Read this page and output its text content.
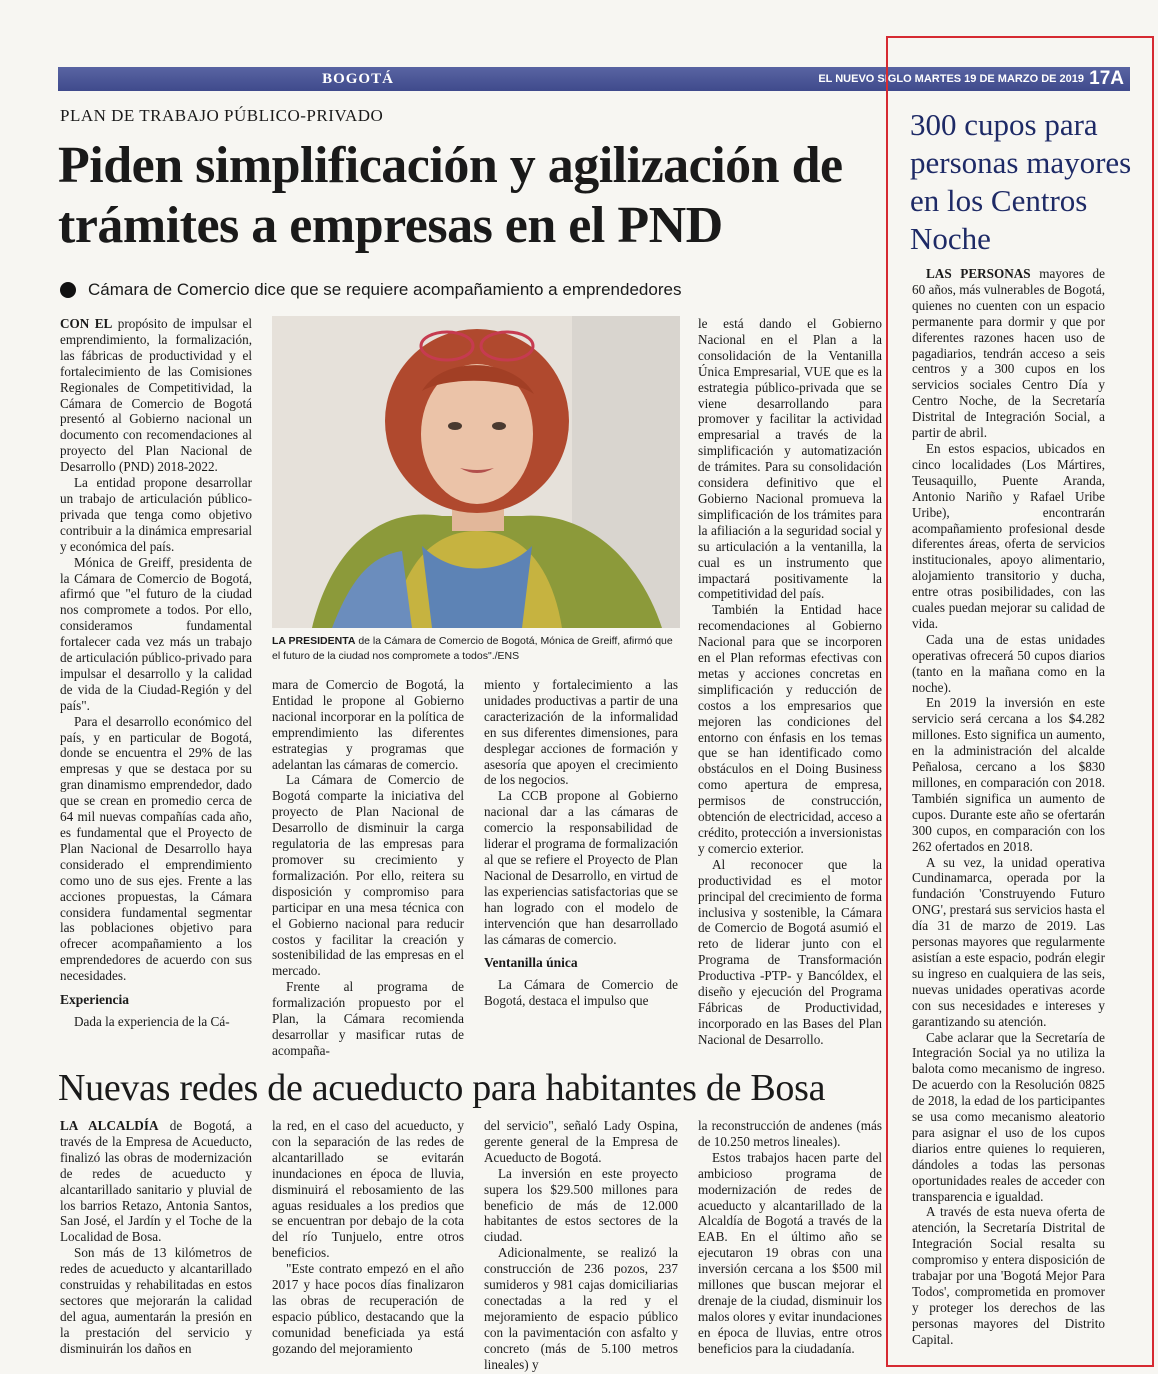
BOGOTÁ	EL NUEVO SIGLO MARTES 19 DE MARZO DE 2019 17A
PLAN DE TRABAJO PÚBLICO-PRIVADO
Piden simplificación y agilización de trámites a empresas en el PND
Cámara de Comercio dice que se requiere acompañamiento a emprendedores

CON EL propósito de impulsar el emprendimiento, la formalización, las fábricas de productividad y el fortalecimiento de las Comisiones Regionales de Competitividad, la Cámara de Comercio de Bogotá presentó al Gobierno nacional un documento con recomendaciones al proyecto del Plan Nacional de Desarrollo (PND) 2018-2022.

La entidad propone desarrollar un trabajo de articulación público-privada que tenga como objetivo contribuir a la dinámica empresarial y económica del país.

Mónica de Greiff, presidenta de la Cámara de Comercio de Bogotá, afirmó que "el futuro de la ciudad nos compromete a todos. Por ello, consideramos fundamental fortalecer cada vez más un trabajo de articulación público-privado para impulsar el desarrollo y la calidad de vida de la Ciudad-Región y del país".

Para el desarrollo económico del país, y en particular de Bogotá, donde se encuentra el 29% de las empresas y que se destaca por su gran dinamismo emprendedor, dado que se crean en promedio cerca de 64 mil nuevas compañías cada año, es fundamental que el Proyecto de Plan Nacional de Desarrollo haya considerado el emprendimiento como uno de sus ejes. Frente a las acciones propuestas, la Cámara considera fundamental segmentar las poblaciones objetivo para ofrecer acompañamiento a los emprendedores de acuerdo con sus necesidades.

Experiencia

Dada la experiencia de la Cá-

LA PRESIDENTA de la Cámara de Comercio de Bogotá, Mónica de Greiff, afirmó que el futuro de la ciudad nos compromete a todos"./ENS

mara de Comercio de Bogotá, la Entidad le propone al Gobierno nacional incorporar en la política de emprendimiento las diferentes estrategias y programas que adelantan las cámaras de comercio.

La Cámara de Comercio de Bogotá comparte la iniciativa del proyecto de Plan Nacional de Desarrollo de disminuir la carga regulatoria de las empresas para promover su crecimiento y formalización. Por ello, reitera su disposición y compromiso para participar en una mesa técnica con el Gobierno nacional para reducir costos y facilitar la creación y sostenibilidad de las empresas en el mercado.

Frente al programa de formalización propuesto por el Plan, la Cámara recomienda desarrollar y masificar rutas de acompaña-

miento y fortalecimiento a las unidades productivas a partir de una caracterización de la informalidad en sus diferentes dimensiones, para desplegar acciones de formación y asesoría que apoyen el crecimiento de los negocios.

La CCB propone al Gobierno nacional dar a las cámaras de comercio la responsabilidad de liderar el programa de formalización al que se refiere el Proyecto de Plan Nacional de Desarrollo, en virtud de las experiencias satisfactorias que se han logrado con el modelo de intervención que han desarrollado las cámaras de comercio.

Ventanilla única

La Cámara de Comercio de Bogotá, destaca el impulso que

le está dando el Gobierno Nacional en el Plan a la consolidación de la Ventanilla Única Empresarial, VUE que es la estrategia público-privada que se viene desarrollando para promover y facilitar la actividad empresarial a través de la simplificación y automatización de trámites. Para su consolidación considera definitivo que el Gobierno Nacional promueva la simplificación de los trámites para la afiliación a la seguridad social y su articulación a la ventanilla, la cual es un instrumento que impactará positivamente la competitividad del país.

También la Entidad hace recomendaciones al Gobierno Nacional para que se incorporen en el Plan reformas efectivas con metas y acciones concretas en simplificación y reducción de costos a los empresarios que mejoren las condiciones del entorno con énfasis en los temas que se han identificado como obstáculos en el Doing Business como apertura de empresa, permisos de construcción, obtención de electricidad, acceso a crédito, protección a inversionistas y comercio exterior.

Al reconocer que la productividad es el motor principal del crecimiento de forma inclusiva y sostenible, la Cámara de Comercio de Bogotá asumió el reto de liderar junto con el Programa de Transformación Productiva -PTP- y Bancóldex, el diseño y ejecución del Programa Fábricas de Productividad, incorporado en las Bases del Plan Nacional de Desarrollo.

Nuevas redes de acueducto para habitantes de Bosa

LA ALCALDÍA de Bogotá, a través de la Empresa de Acueducto, finalizó las obras de modernización de redes de acueducto y alcantarillado sanitario y pluvial de los barrios Retazo, Antonia Santos, San José, el Jardín y el Toche de la Localidad de Bosa.

Son más de 13 kilómetros de redes de acueducto y alcantarillado construidas y rehabilitadas en estos sectores que mejorarán la calidad del agua, aumentarán la presión en la prestación del servicio y disminuirán los daños en

la red, en el caso del acueducto, y con la separación de las redes de alcantarillado se evitarán inundaciones en época de lluvia, disminuirá el rebosamiento de las aguas residuales a los predios que se encuentran por debajo de la cota del río Tunjuelo, entre otros beneficios.

"Este contrato empezó en el año 2017 y hace pocos días finalizaron las obras de recuperación de espacio público, destacando que la comunidad beneficiada ya está gozando del mejoramiento

del servicio", señaló Lady Ospina, gerente general de la Empresa de Acueducto de Bogotá.

La inversión en este proyecto supera los $29.500 millones para beneficio de más de 12.000 habitantes de estos sectores de la ciudad.

Adicionalmente, se realizó la construcción de 236 pozos, 237 sumideros y 981 cajas domiciliarias conectadas a la red y el mejoramiento de espacio público con la pavimentación con asfalto y concreto (más de 5.100 metros lineales) y

la reconstrucción de andenes (más de 10.250 metros lineales).

Estos trabajos hacen parte del ambicioso programa de modernización de redes de acueducto y alcantarillado de la Alcaldía de Bogotá a través de la EAB. En el último año se ejecutaron 19 obras con una inversión cercana a los $500 mil millones que buscan mejorar el drenaje de la ciudad, disminuir los malos olores y evitar inundaciones en época de lluvias, entre otros beneficios para la ciudadanía.

300 cupos para personas mayores en los Centros Noche

LAS PERSONAS mayores de 60 años, más vulnerables de Bogotá, quienes no cuenten con un espacio permanente para dormir y que por diferentes razones hacen uso de pagadiarios, tendrán acceso a seis centros y a 300 cupos en los servicios sociales Centro Día y Centro Noche, de la Secretaría Distrital de Integración Social, a partir de abril.

En estos espacios, ubicados en cinco localidades (Los Mártires, Teusaquillo, Puente Aranda, Antonio Nariño y Rafael Uribe Uribe), encontrarán acompañamiento profesional desde diferentes áreas, oferta de servicios institucionales, apoyo alimentario, alojamiento transitorio y ducha, entre otras posibilidades, con las cuales puedan mejorar su calidad de vida.

Cada una de estas unidades operativas ofrecerá 50 cupos diarios (tanto en la mañana como en la noche).

En 2019 la inversión en este servicio será cercana a los $4.282 millones. Esto significa un aumento, en la administración del alcalde Peñalosa, cercano a los $830 millones, en comparación con 2018. También significa un aumento de cupos. Durante este año se ofertarán 300 cupos, en comparación con los 262 ofertados en 2018.

A su vez, la unidad operativa Cundinamarca, operada por la fundación 'Construyendo Futuro ONG', prestará sus servicios hasta el día 31 de marzo de 2019. Las personas mayores que regularmente asistían a este espacio, podrán elegir su ingreso en cualquiera de las seis, nuevas unidades operativas acorde con sus necesidades e intereses y garantizando su atención.

Cabe aclarar que la Secretaría de Integración Social ya no utiliza la balota como mecanismo de ingreso. De acuerdo con la Resolución 0825 de 2018, la edad de los participantes se usa como mecanismo aleatorio para asignar el uso de los cupos diarios entre quienes lo requieren, dándoles a todas las personas oportunidades reales de acceder con transparencia e igualdad.

A través de esta nueva oferta de atención, la Secretaría Distrital de Integración Social resalta su compromiso y entera disposición de trabajar por una 'Bogotá Mejor Para Todos', comprometida en promover y proteger los derechos de las personas mayores del Distrito Capital.
